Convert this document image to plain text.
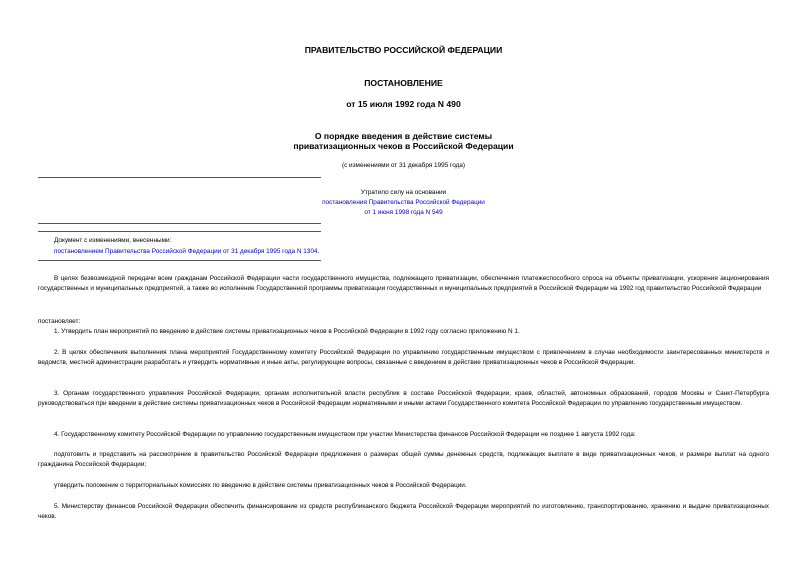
ПРАВИТЕЛЬСТВО РОССИЙСКОЙ ФЕДЕРАЦИИ
ПОСТАНОВЛЕНИЕ
от 15 июля 1992 года N 490
О порядке введения в действие системы
приватизационных чеков в Российской Федерации
(с изменениями от 31 декабря 1995 года)
Утратило силу на основании
постановления Правительства Российской Федерации
от 1 июня 1998 года N 549
Документ с изменениями, внесенными:
постановлением Правительства Российской Федерации от 31 декабря 1995 года N 1304.
В целях безвозмездной передачи всем гражданам Российской Федерации части государственного имущества, подлежащего приватизации, обеспечения платежеспособного спроса на объекты приватизации, ускорения акционирования государственных и муниципальных предприятий, а также во исполнение Государственной программы приватизации государственных и муниципальных предприятий в Российской Федерации на 1992 год правительство Российской Федерации
постановляет:
1. Утвердить план мероприятий по введению в действие системы приватизационных чеков в Российской Федерации в 1992 году согласно приложению N 1.
2. В целях обеспечения выполнения плана мероприятий Государственному комитету Российской Федерации по управлению государственным имуществом с привлечением в случае необходимости заинтересованных министерств и ведомств, местной администрации разработать и утвердить нормативные и иные акты, регулирующие вопросы, связанные с введением в действие приватизационных чеков в Российской Федерации.
3. Органам государственного управления Российской Федерации, органам исполнительной власти республик в составе Российской Федерации, краев, областей, автономных образований, городов Москвы и Санкт-Петербурга руководствоваться при введении в действие системы приватизационных чеков в Российской Федерации нормативными и иными актами Государственного комитета Российской Федерации по управлению государственным имуществом.
4. Государственному комитету Российской Федерации по управлению государственным имуществом при участии Министерства финансов Российской Федерации не позднее 1 августа 1992 года:
подготовить и представить на рассмотрение в правительство Российской Федерации предложения о размерах общей суммы денежных средств, подлежащих выплате в виде приватизационных чеков, и размере выплат на одного гражданина Российской Федерации;
утвердить положение о территориальных комиссиях по введению в действие системы приватизационных чеков в Российской Федерации.
5. Министерству финансов Российской Федерации обеспечить финансирование из средств республиканского бюджета Российской Федерации мероприятий по изготовлению, транспортированию, хранению и выдаче приватизационных чеков.
